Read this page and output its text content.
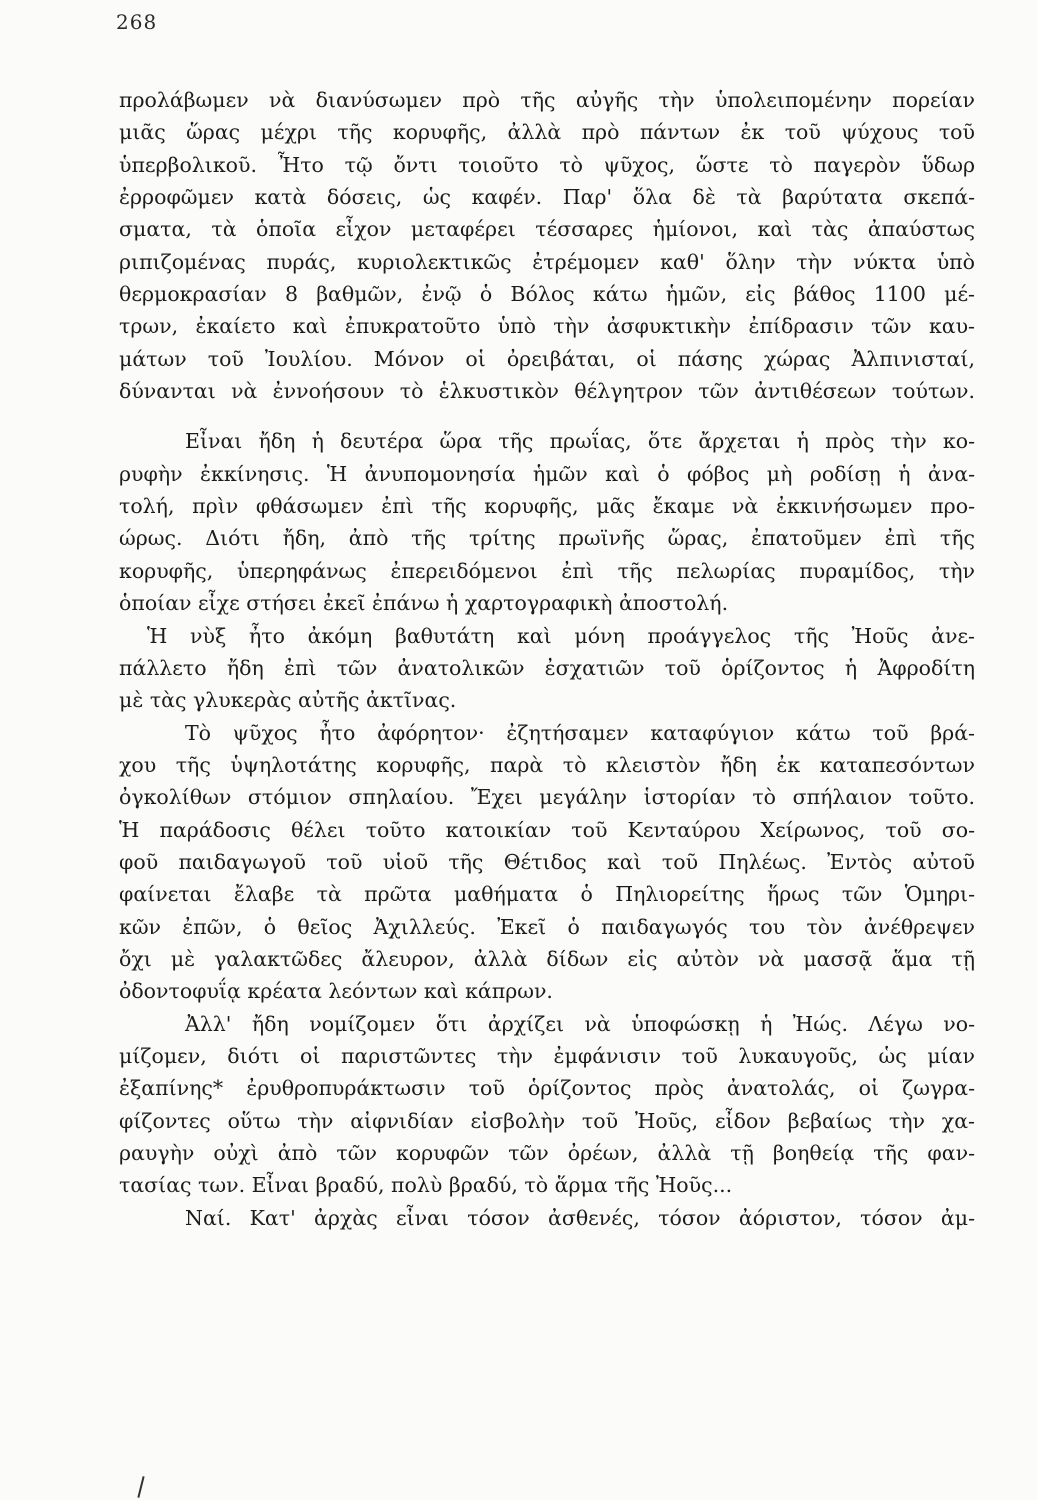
268
προλάβωμεν νὰ διανύσωμεν πρὸ τῆς αὐγῆς τὴν ὑπολειπομένην πορείαν
μιᾶς ὥρας μέχρι τῆς κορυφῆς, ἀλλὰ πρὸ πάντων ἐκ τοῦ ψύχους τοῦ
ὑπερβολικοῦ. Ἦτο τῷ ὄντι τοιοῦτο τὸ ψῦχος, ὥστε τὸ παγερὸν ὕδωρ
ἐρροφῶμεν κατὰ δόσεις, ὡς καφέν. Παρ' ὅλα δὲ τὰ βαρύτατα σκεπά-
σματα, τὰ ὁποῖα εἶχον μεταφέρει τέσσαρες ἡμίονοι, καὶ τὰς ἀπαύστως
ριπιζομένας πυράς, κυριολεκτικῶς ἐτρέμομεν καθ' ὅλην τὴν νύκτα ὑπὸ
θερμοκρασίαν 8 βαθμῶν, ἐνῷ ὁ Βόλος κάτω ἡμῶν, εἰς βάθος 1100 μέ-
τρων, ἐκαίετο καὶ ἐπυκρατοῦτο ὑπὸ τὴν ἀσφυκτικὴν ἐπίδρασιν τῶν καυ-
μάτων τοῦ Ἰουλίου. Μόνον οἱ ὀρειβάται, οἱ πάσης χώρας Ἀλπινισταί,
δύνανται νὰ ἐννοήσουν τὸ ἑλκυστικὸν θέλγητρον τῶν ἀντιθέσεων τούτων.
Εἶναι ἤδη ἡ δευτέρα ὥρα τῆς πρωΐας, ὅτε ἄρχεται ἡ πρὸς τὴν κο-
ρυφὴν ἐκκίνησις. Ἡ ἀνυπομονησία ἡμῶν καὶ ὁ φόβος μὴ ροδίσῃ ἡ ἀνα-
τολή, πρὶν φθάσωμεν ἐπὶ τῆς κορυφῆς, μᾶς ἔκαμε νὰ ἐκκινήσωμεν προ-
ώρως. Διότι ἤδη, ἀπὸ τῆς τρίτης πρωϊνῆς ὥρας, ἐπατοῦμεν ἐπὶ τῆς
κορυφῆς, ὑπερηφάνως ἐπερειδόμενοι ἐπὶ τῆς πελωρίας πυραμίδος, τὴν
ὁποίαν εἶχε στήσει ἐκεῖ ἐπάνω ἡ χαρτογραφικὴ ἀποστολή.
Ἡ νὺξ ἦτο ἀκόμη βαθυτάτη καὶ μόνη προάγγελος τῆς Ἠοῦς ἀνε-
πάλλετο ἤδη ἐπὶ τῶν ἀνατολικῶν ἐσχατιῶν τοῦ ὁρίζοντος ἡ Ἀφροδίτη
μὲ τὰς γλυκερὰς αὐτῆς ἀκτῖνας.
Τὸ ψῦχος ἦτο ἀφόρητον· ἐζητήσαμεν καταφύγιον κάτω τοῦ βρά-
χου τῆς ὑψηλοτάτης κορυφῆς, παρὰ τὸ κλειστὸν ἤδη ἐκ καταπεσόντων
ὀγκολίθων στόμιον σπηλαίου. Ἔχει μεγάλην ἱστορίαν τὸ σπήλαιον τοῦτο.
Ἡ παράδοσις θέλει τοῦτο κατοικίαν τοῦ Κενταύρου Χείρωνος, τοῦ σο-
φοῦ παιδαγωγοῦ τοῦ υἱοῦ τῆς Θέτιδος καὶ τοῦ Πηλέως. Ἐντὸς αὐτοῦ
φαίνεται ἔλαβε τὰ πρῶτα μαθήματα ὁ Πηλιορείτης ἥρως τῶν Ὁμηρι-
κῶν ἐπῶν, ὁ θεῖος Ἀχιλλεύς. Ἐκεῖ ὁ παιδαγωγός του τὸν ἀνέθρεψεν
ὄχι μὲ γαλακτῶδες ἄλευρον, ἀλλὰ δίδων εἰς αὐτὸν νὰ μασσᾷ ἅμα τῇ
ὀδοντοφυΐᾳ κρέατα λεόντων καὶ κάπρων.
Ἀλλ' ἤδη νομίζομεν ὅτι ἀρχίζει νὰ ὑποφώσκῃ ἡ Ἠώς. Λέγω νο-
μίζομεν, διότι οἱ παριστῶντες τὴν ἐμφάνισιν τοῦ λυκαυγοῦς, ὡς μίαν
ἐξαπίνης* ἐρυθροπυράκτωσιν τοῦ ὁρίζοντος πρὸς ἀνατολάς, οἱ ζωγρα-
φίζοντες οὕτω τὴν αἰφνιδίαν εἰσβολὴν τοῦ Ἠοῦς, εἶδον βεβαίως τὴν χα-
ραυγὴν οὐχὶ ἀπὸ τῶν κορυφῶν τῶν ὀρέων, ἀλλὰ τῇ βοηθείᾳ τῆς φαν-
τασίας των. Εἶναι βραδύ, πολὺ βραδύ, τὸ ἅρμα τῆς Ἠοῦς...
Ναί. Κατ' ἀρχὰς εἶναι τόσον ἀσθενές, τόσον ἀόριστον, τόσον ἀμ-
